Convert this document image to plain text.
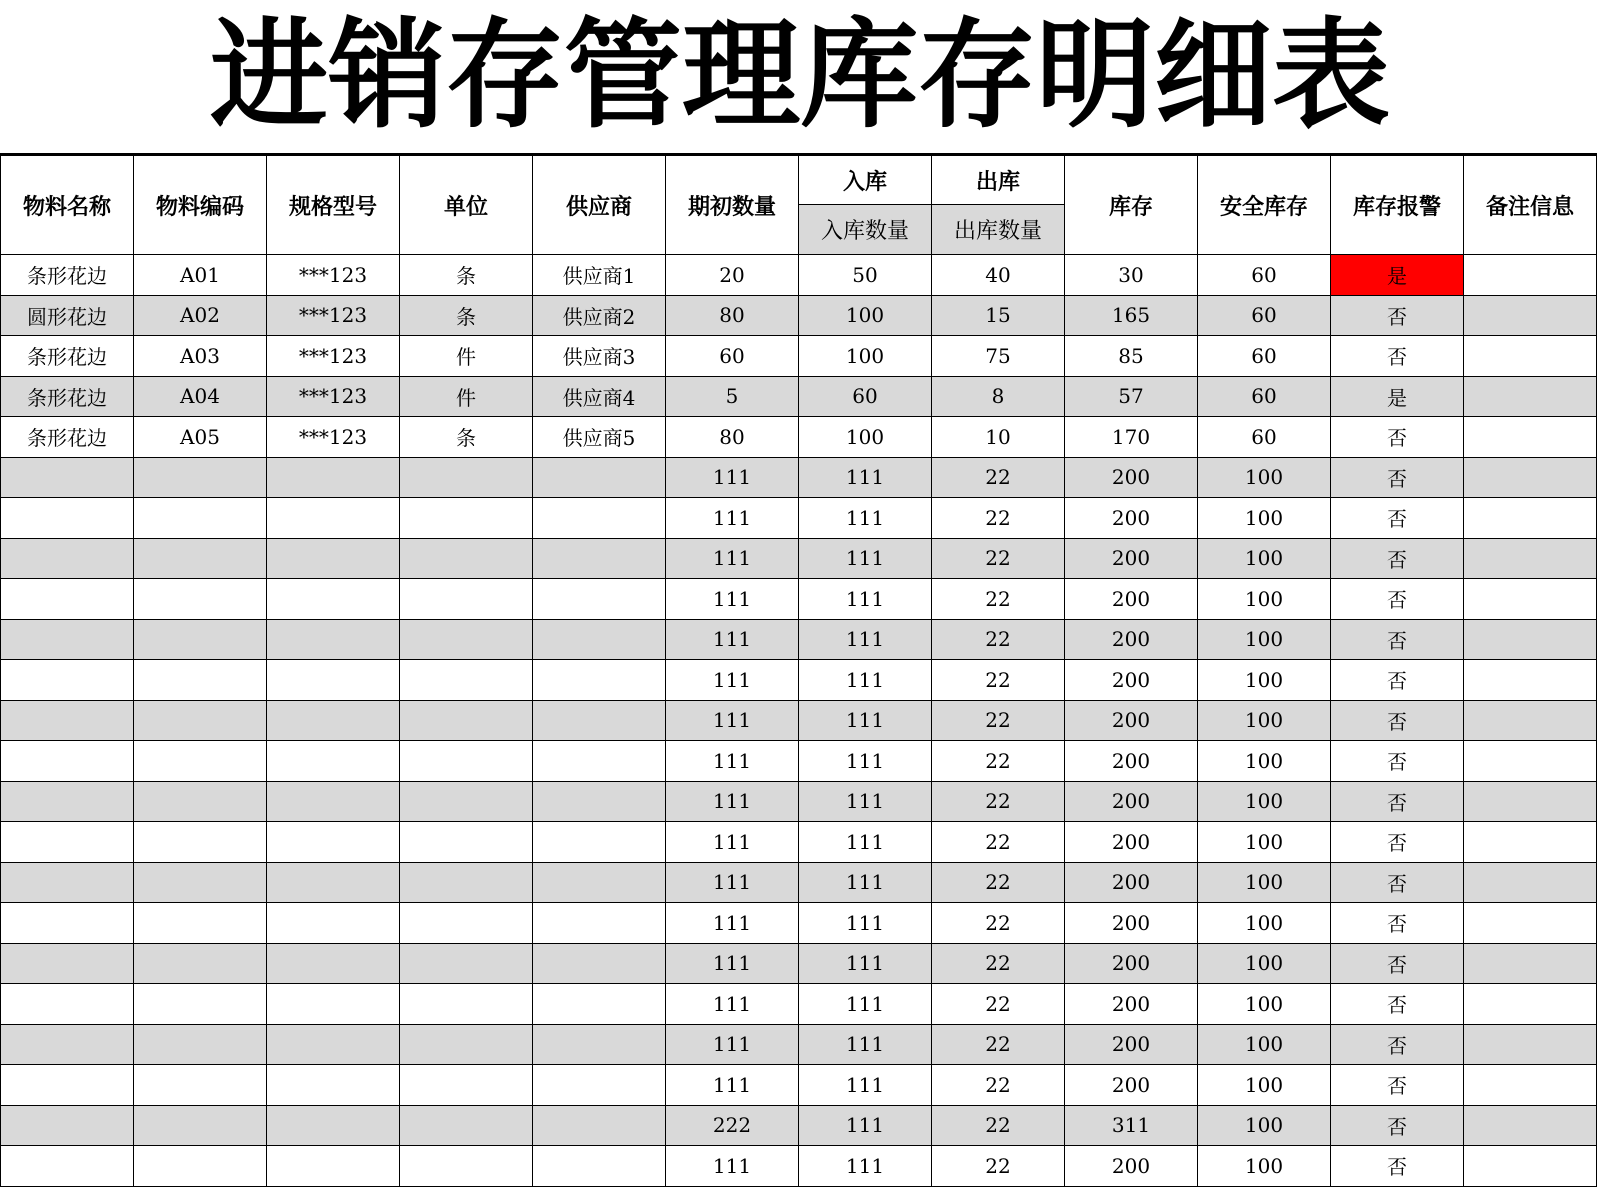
进销存管理库存明细表
物料名称	物料编码	规格型号	单位	供应商	期初数量	入库	出库	库存	安全库存	库存报警	备注信息
						入库数量	出库数量				
条形花边	A01	***123	条	供应商1	20	50	40	30	60	是	
圆形花边	A02	***123	条	供应商2	80	100	15	165	60	否	
条形花边	A03	***123	件	供应商3	60	100	75	85	60	否	
条形花边	A04	***123	件	供应商4	5	60	8	57	60	是	
条形花边	A05	***123	条	供应商5	80	100	10	170	60	否	
					111	111	22	200	100	否	
					111	111	22	200	100	否	
					111	111	22	200	100	否	
					111	111	22	200	100	否	
					111	111	22	200	100	否	
					111	111	22	200	100	否	
					111	111	22	200	100	否	
					111	111	22	200	100	否	
					111	111	22	200	100	否	
					111	111	22	200	100	否	
					111	111	22	200	100	否	
					111	111	22	200	100	否	
					111	111	22	200	100	否	
					111	111	22	200	100	否	
					111	111	22	200	100	否	
					111	111	22	200	100	否	
					222	111	22	311	100	否	
					111	111	22	200	100	否	
